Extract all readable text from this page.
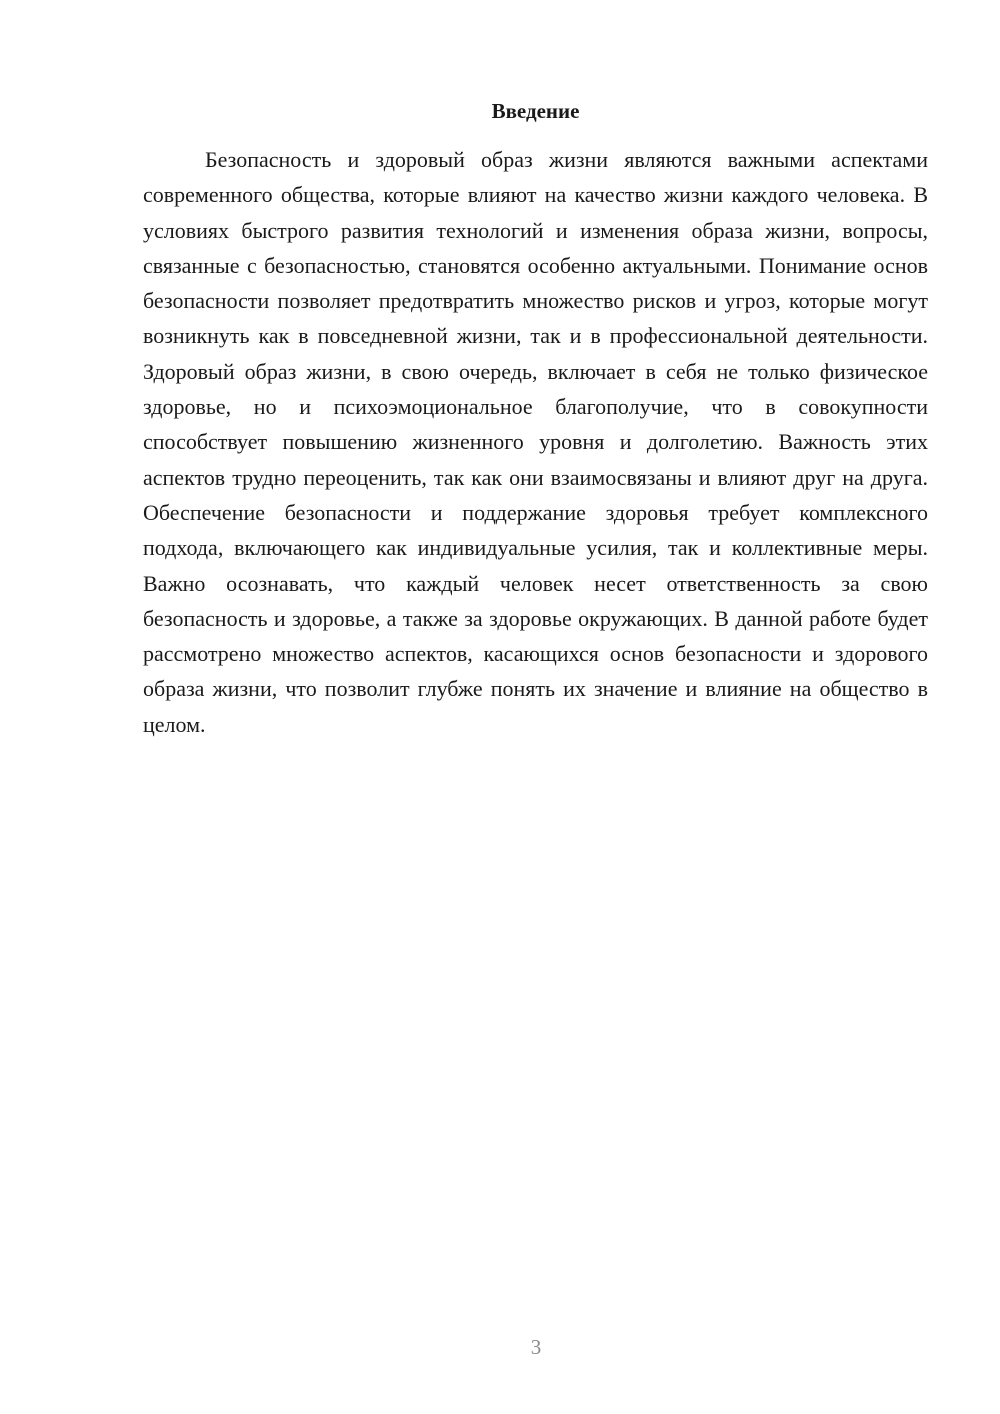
Введение

Безопасность и здоровый образ жизни являются важными аспектами современного общества, которые влияют на качество жизни каждого человека. В условиях быстрого развития технологий и изменения образа жизни, вопросы, связанные с безопасностью, становятся особенно актуальными. Понимание основ безопасности позволяет предотвратить множество рисков и угроз, которые могут возникнуть как в повседневной жизни, так и в профессиональной деятельности. Здоровый образ жизни, в свою очередь, включает в себя не только физическое здоровье, но и психоэмоциональное благополучие, что в совокупности способствует повышению жизненного уровня и долголетию. Важность этих аспектов трудно переоценить, так как они взаимосвязаны и влияют друг на друга. Обеспечение безопасности и поддержание здоровья требует комплексного подхода, включающего как индивидуальные усилия, так и коллективные меры. Важно осознавать, что каждый человек несет ответственность за свою безопасность и здоровье, а также за здоровье окружающих. В данной работе будет рассмотрено множество аспектов, касающихся основ безопасности и здорового образа жизни, что позволит глубже понять их значение и влияние на общество в целом.

3
